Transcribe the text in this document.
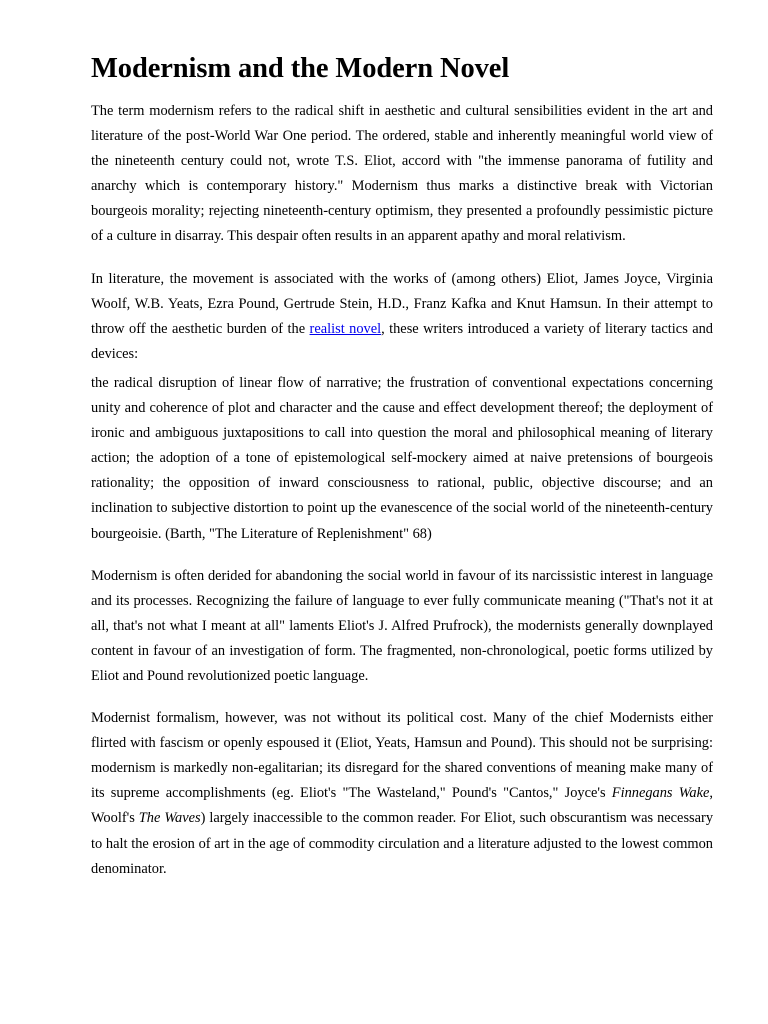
Modernism and the Modern Novel

The term modernism refers to the radical shift in aesthetic and cultural sensibilities evident in the art and literature of the post-World War One period. The ordered, stable and inherently meaningful world view of the nineteenth century could not, wrote T.S. Eliot, accord with "the immense panorama of futility and anarchy which is contemporary history." Modernism thus marks a distinctive break with Victorian bourgeois morality; rejecting nineteenth-century optimism, they presented a profoundly pessimistic picture of a culture in disarray. This despair often results in an apparent apathy and moral relativism.

In literature, the movement is associated with the works of (among others) Eliot, James Joyce, Virginia Woolf, W.B. Yeats, Ezra Pound, Gertrude Stein, H.D., Franz Kafka and Knut Hamsun. In their attempt to throw off the aesthetic burden of the realist novel, these writers introduced a variety of literary tactics and devices:

the radical disruption of linear flow of narrative; the frustration of conventional expectations concerning unity and coherence of plot and character and the cause and effect development thereof; the deployment of ironic and ambiguous juxtapositions to call into question the moral and philosophical meaning of literary action; the adoption of a tone of epistemological self-mockery aimed at naive pretensions of bourgeois rationality; the opposition of inward consciousness to rational, public, objective discourse; and an inclination to subjective distortion to point up the evanescence of the social world of the nineteenth-century bourgeoisie. (Barth, "The Literature of Replenishment" 68)

Modernism is often derided for abandoning the social world in favour of its narcissistic interest in language and its processes. Recognizing the failure of language to ever fully communicate meaning ("That's not it at all, that's not what I meant at all" laments Eliot's J. Alfred Prufrock), the modernists generally downplayed content in favour of an investigation of form. The fragmented, non-chronological, poetic forms utilized by Eliot and Pound revolutionized poetic language.

Modernist formalism, however, was not without its political cost. Many of the chief Modernists either flirted with fascism or openly espoused it (Eliot, Yeats, Hamsun and Pound). This should not be surprising: modernism is markedly non-egalitarian; its disregard for the shared conventions of meaning make many of its supreme accomplishments (eg. Eliot's "The Wasteland," Pound's "Cantos," Joyce's Finnegans Wake, Woolf's The Waves) largely inaccessible to the common reader. For Eliot, such obscurantism was necessary to halt the erosion of art in the age of commodity circulation and a literature adjusted to the lowest common denominator.
